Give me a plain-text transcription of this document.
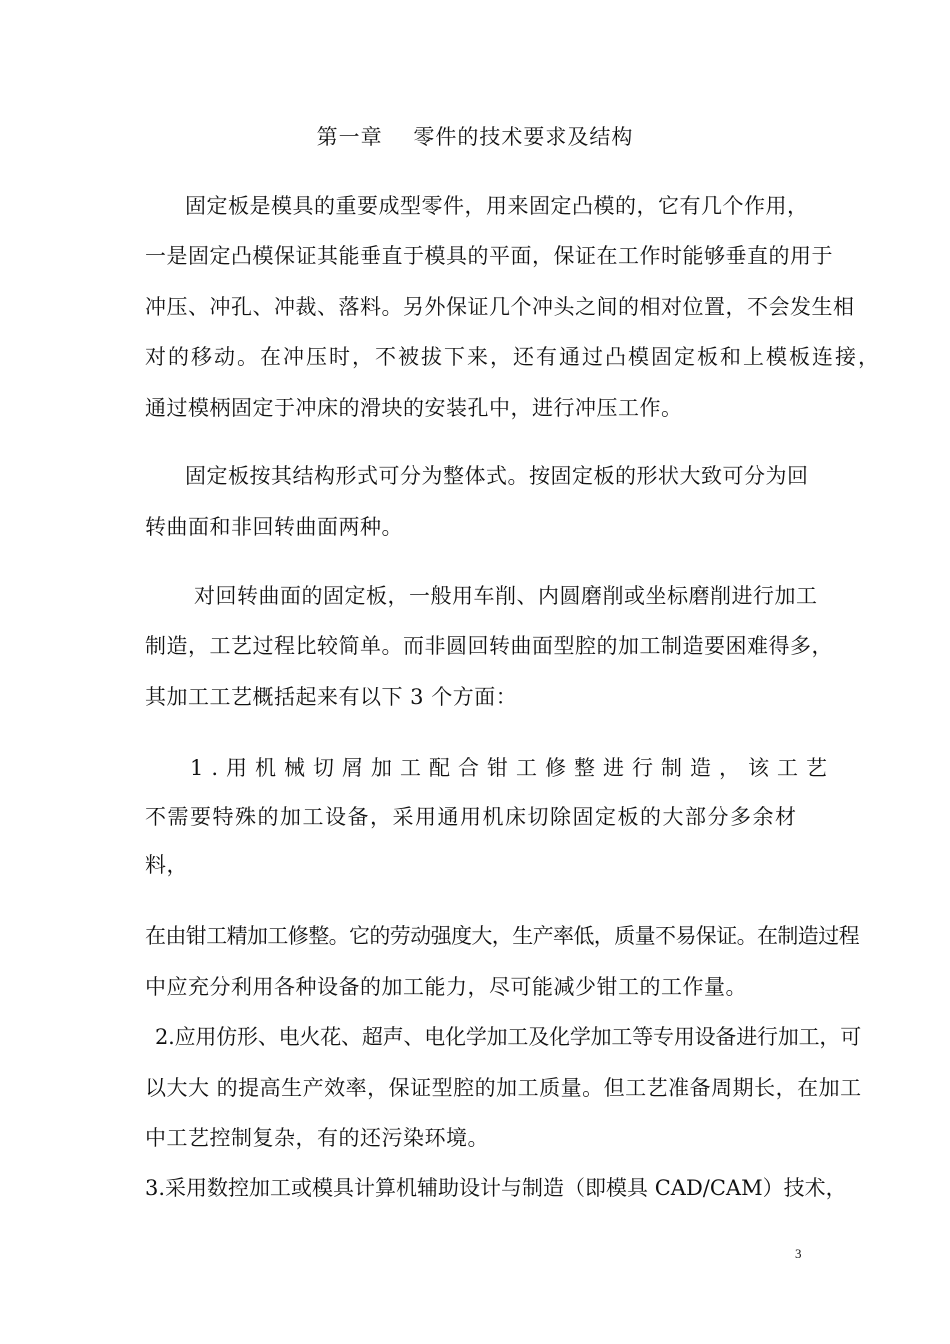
第一章    零件的技术要求及结构
固定板是模具的重要成型零件，用来固定凸模的，它有几个作用，
一是固定凸模保证其能垂直于模具的平面，保证在工作时能够垂直的用于
冲压、冲孔、冲裁、落料。另外保证几个冲头之间的相对位置，不会发生相
对的移动。在冲压时，不被拔下来，还有通过凸模固定板和上模板连接，
通过模柄固定于冲床的滑块的安装孔中，进行冲压工作。
固定板按其结构形式可分为整体式。按固定板的形状大致可分为回
转曲面和非回转曲面两种。
对回转曲面的固定板，一般用车削、内圆磨削或坐标磨削进行加工
制造，工艺过程比较简单。而非圆回转曲面型腔的加工制造要困难得多，
其加工工艺概括起来有以下 3 个方面：
1.用机械切屑加工配合钳工修整进行制造，该工艺
不需要特殊的加工设备，采用通用机床切除固定板的大部分多余材
料，
在由钳工精加工修整。它的劳动强度大，生产率低，质量不易保证。在制造过程
中应充分利用各种设备的加工能力，尽可能减少钳工的工作量。
2.应用仿形、电火花、超声、电化学加工及化学加工等专用设备进行加工，可
以大大 的提高生产效率，保证型腔的加工质量。但工艺准备周期长，在加工
中工艺控制复杂，有的还污染环境。
3.采用数控加工或模具计算机辅助设计与制造（即模具 CAD/CAM）技术，
3
